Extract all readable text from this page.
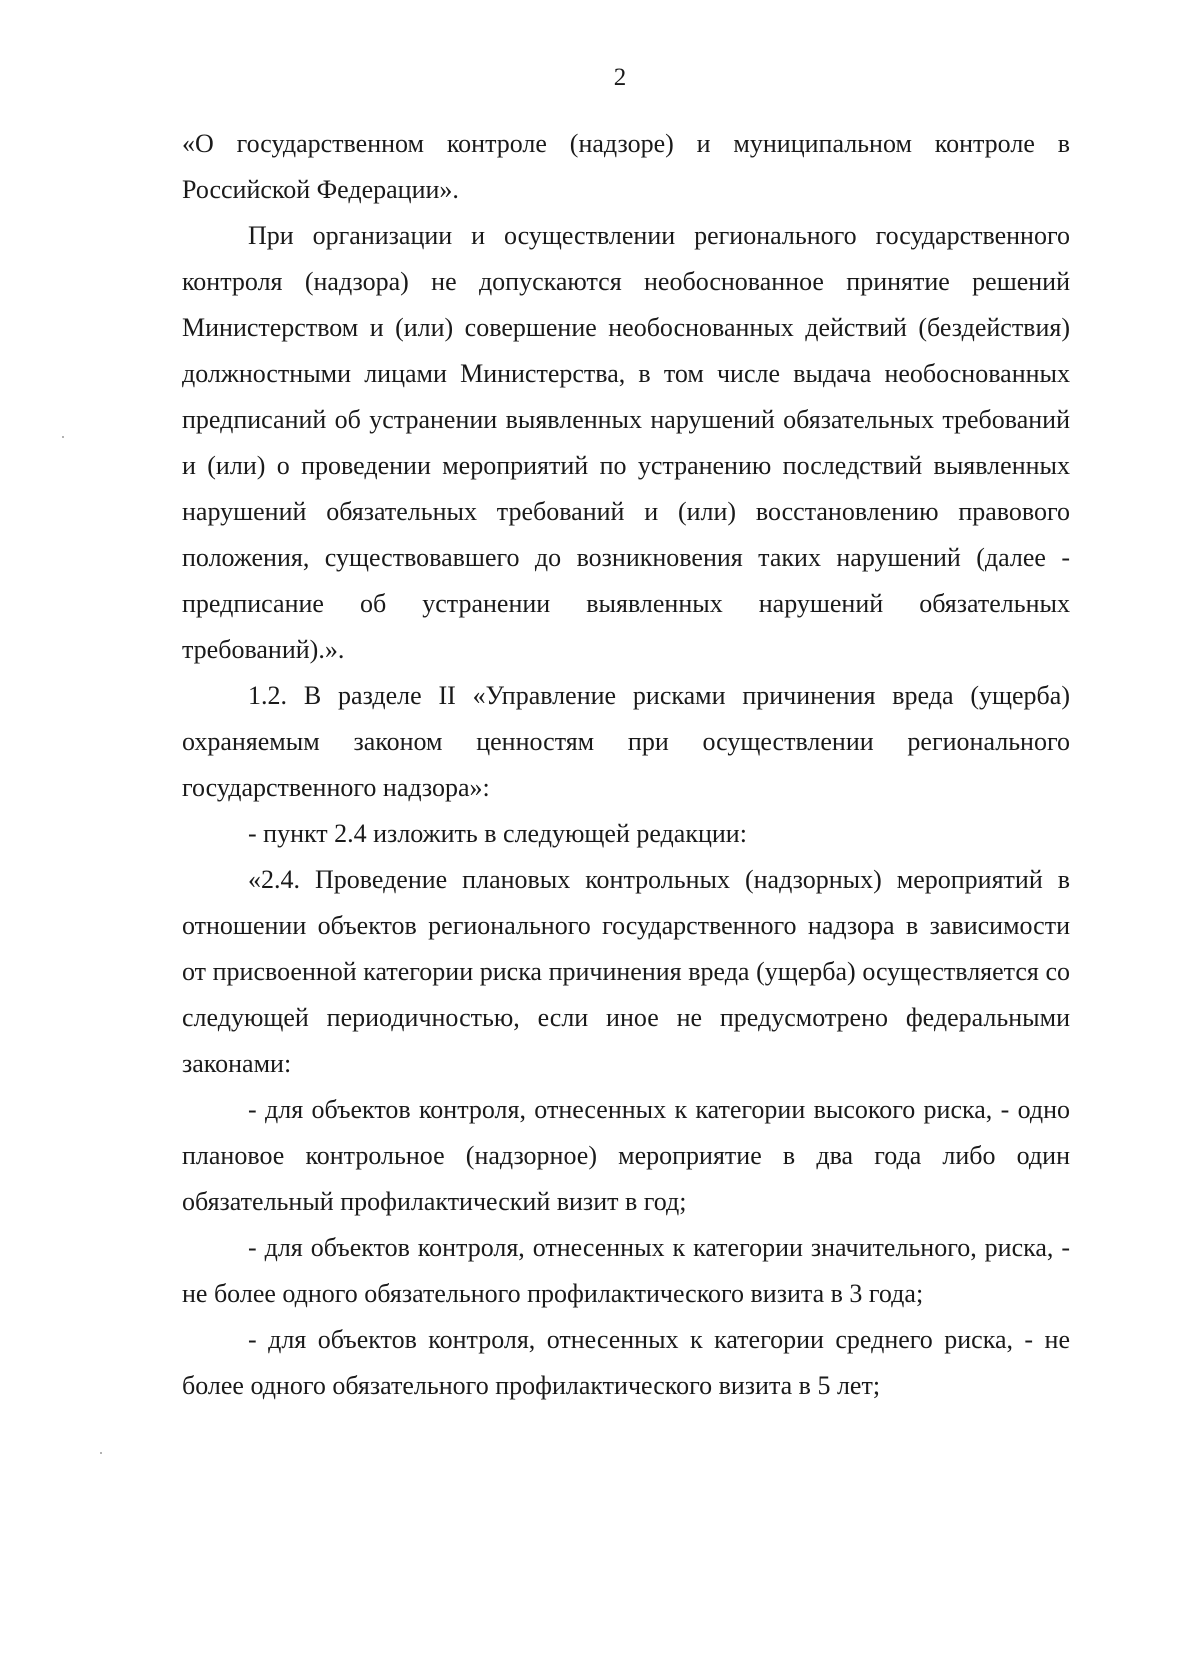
2

«О государственном контроле (надзоре) и муниципальном контроле в Российской Федерации».

При организации и осуществлении регионального государственного контроля (надзора) не допускаются необоснованное принятие решений Министерством и (или) совершение необоснованных действий (бездействия) должностными лицами Министерства, в том числе выдача необоснованных предписаний об устранении выявленных нарушений обязательных требований и (или) о проведении мероприятий по устранению последствий выявленных нарушений обязательных требований и (или) восстановлению правового положения, существовавшего до возникновения таких нарушений (далее - предписание об устранении выявленных нарушений обязательных требований).».

1.2. В разделе II «Управление рисками причинения вреда (ущерба) охраняемым законом ценностям при осуществлении регионального государственного надзора»:

- пункт 2.4 изложить в следующей редакции:

«2.4. Проведение плановых контрольных (надзорных) мероприятий в отношении объектов регионального государственного надзора в зависимости от присвоенной категории риска причинения вреда (ущерба) осуществляется со следующей периодичностью, если иное не предусмотрено федеральными законами:

- для объектов контроля, отнесенных к категории высокого риска, - одно плановое контрольное (надзорное) мероприятие в два года либо один обязательный профилактический визит в год;

- для объектов контроля, отнесенных к категории значительного, риска, - не более одного обязательного профилактического визита в 3 года;

- для объектов контроля, отнесенных к категории среднего риска, - не более одного обязательного профилактического визита в 5 лет;
